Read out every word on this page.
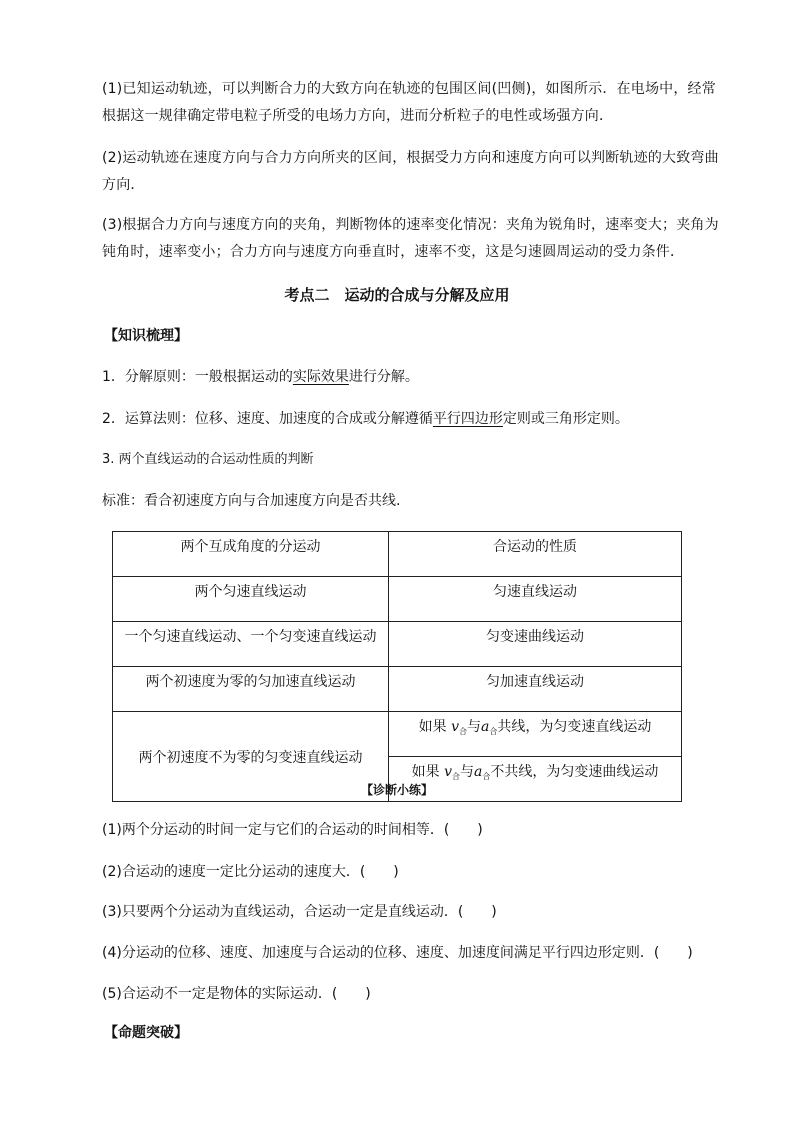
(1)已知运动轨迹，可以判断合力的大致方向在轨迹的包围区间(凹侧)，如图所示．在电场中，经常根据这一规律确定带电粒子所受的电场力方向，进而分析粒子的电性或场强方向．
(2)运动轨迹在速度方向与合力方向所夹的区间，根据受力方向和速度方向可以判断轨迹的大致弯曲方向．
(3)根据合力方向与速度方向的夹角，判断物体的速率变化情况：夹角为锐角时，速率变大；夹角为钝角时，速率变小；合力方向与速度方向垂直时，速率不变，这是匀速圆周运动的受力条件．
考点二　运动的合成与分解及应用
【知识梳理】
1．分解原则：一般根据运动的实际效果进行分解。
2．运算法则：位移、速度、加速度的合成或分解遵循平行四边形定则或三角形定则。
3. 两个直线运动的合运动性质的判断
标准：看合初速度方向与合加速度方向是否共线.
两个互成角度的分运动	合运动的性质
两个匀速直线运动	匀速直线运动
一个匀速直线运动、一个匀变速直线运动	匀变速曲线运动
两个初速度为零的匀加速直线运动	匀加速直线运动
两个初速度不为零的匀变速直线运动	如果 $v_合$与$a_合$共线，为匀变速直线运动
	如果 $v_合$与$a_合$不共线，为匀变速曲线运动
【诊断小练】
(1)两个分运动的时间一定与它们的合运动的时间相等．(　　)
(2)合运动的速度一定比分运动的速度大．(　　)
(3)只要两个分运动为直线运动，合运动一定是直线运动．(　　)
(4)分运动的位移、速度、加速度与合运动的位移、速度、加速度间满足平行四边形定则．(　　)
(5)合运动不一定是物体的实际运动．(　　)
【命题突破】
